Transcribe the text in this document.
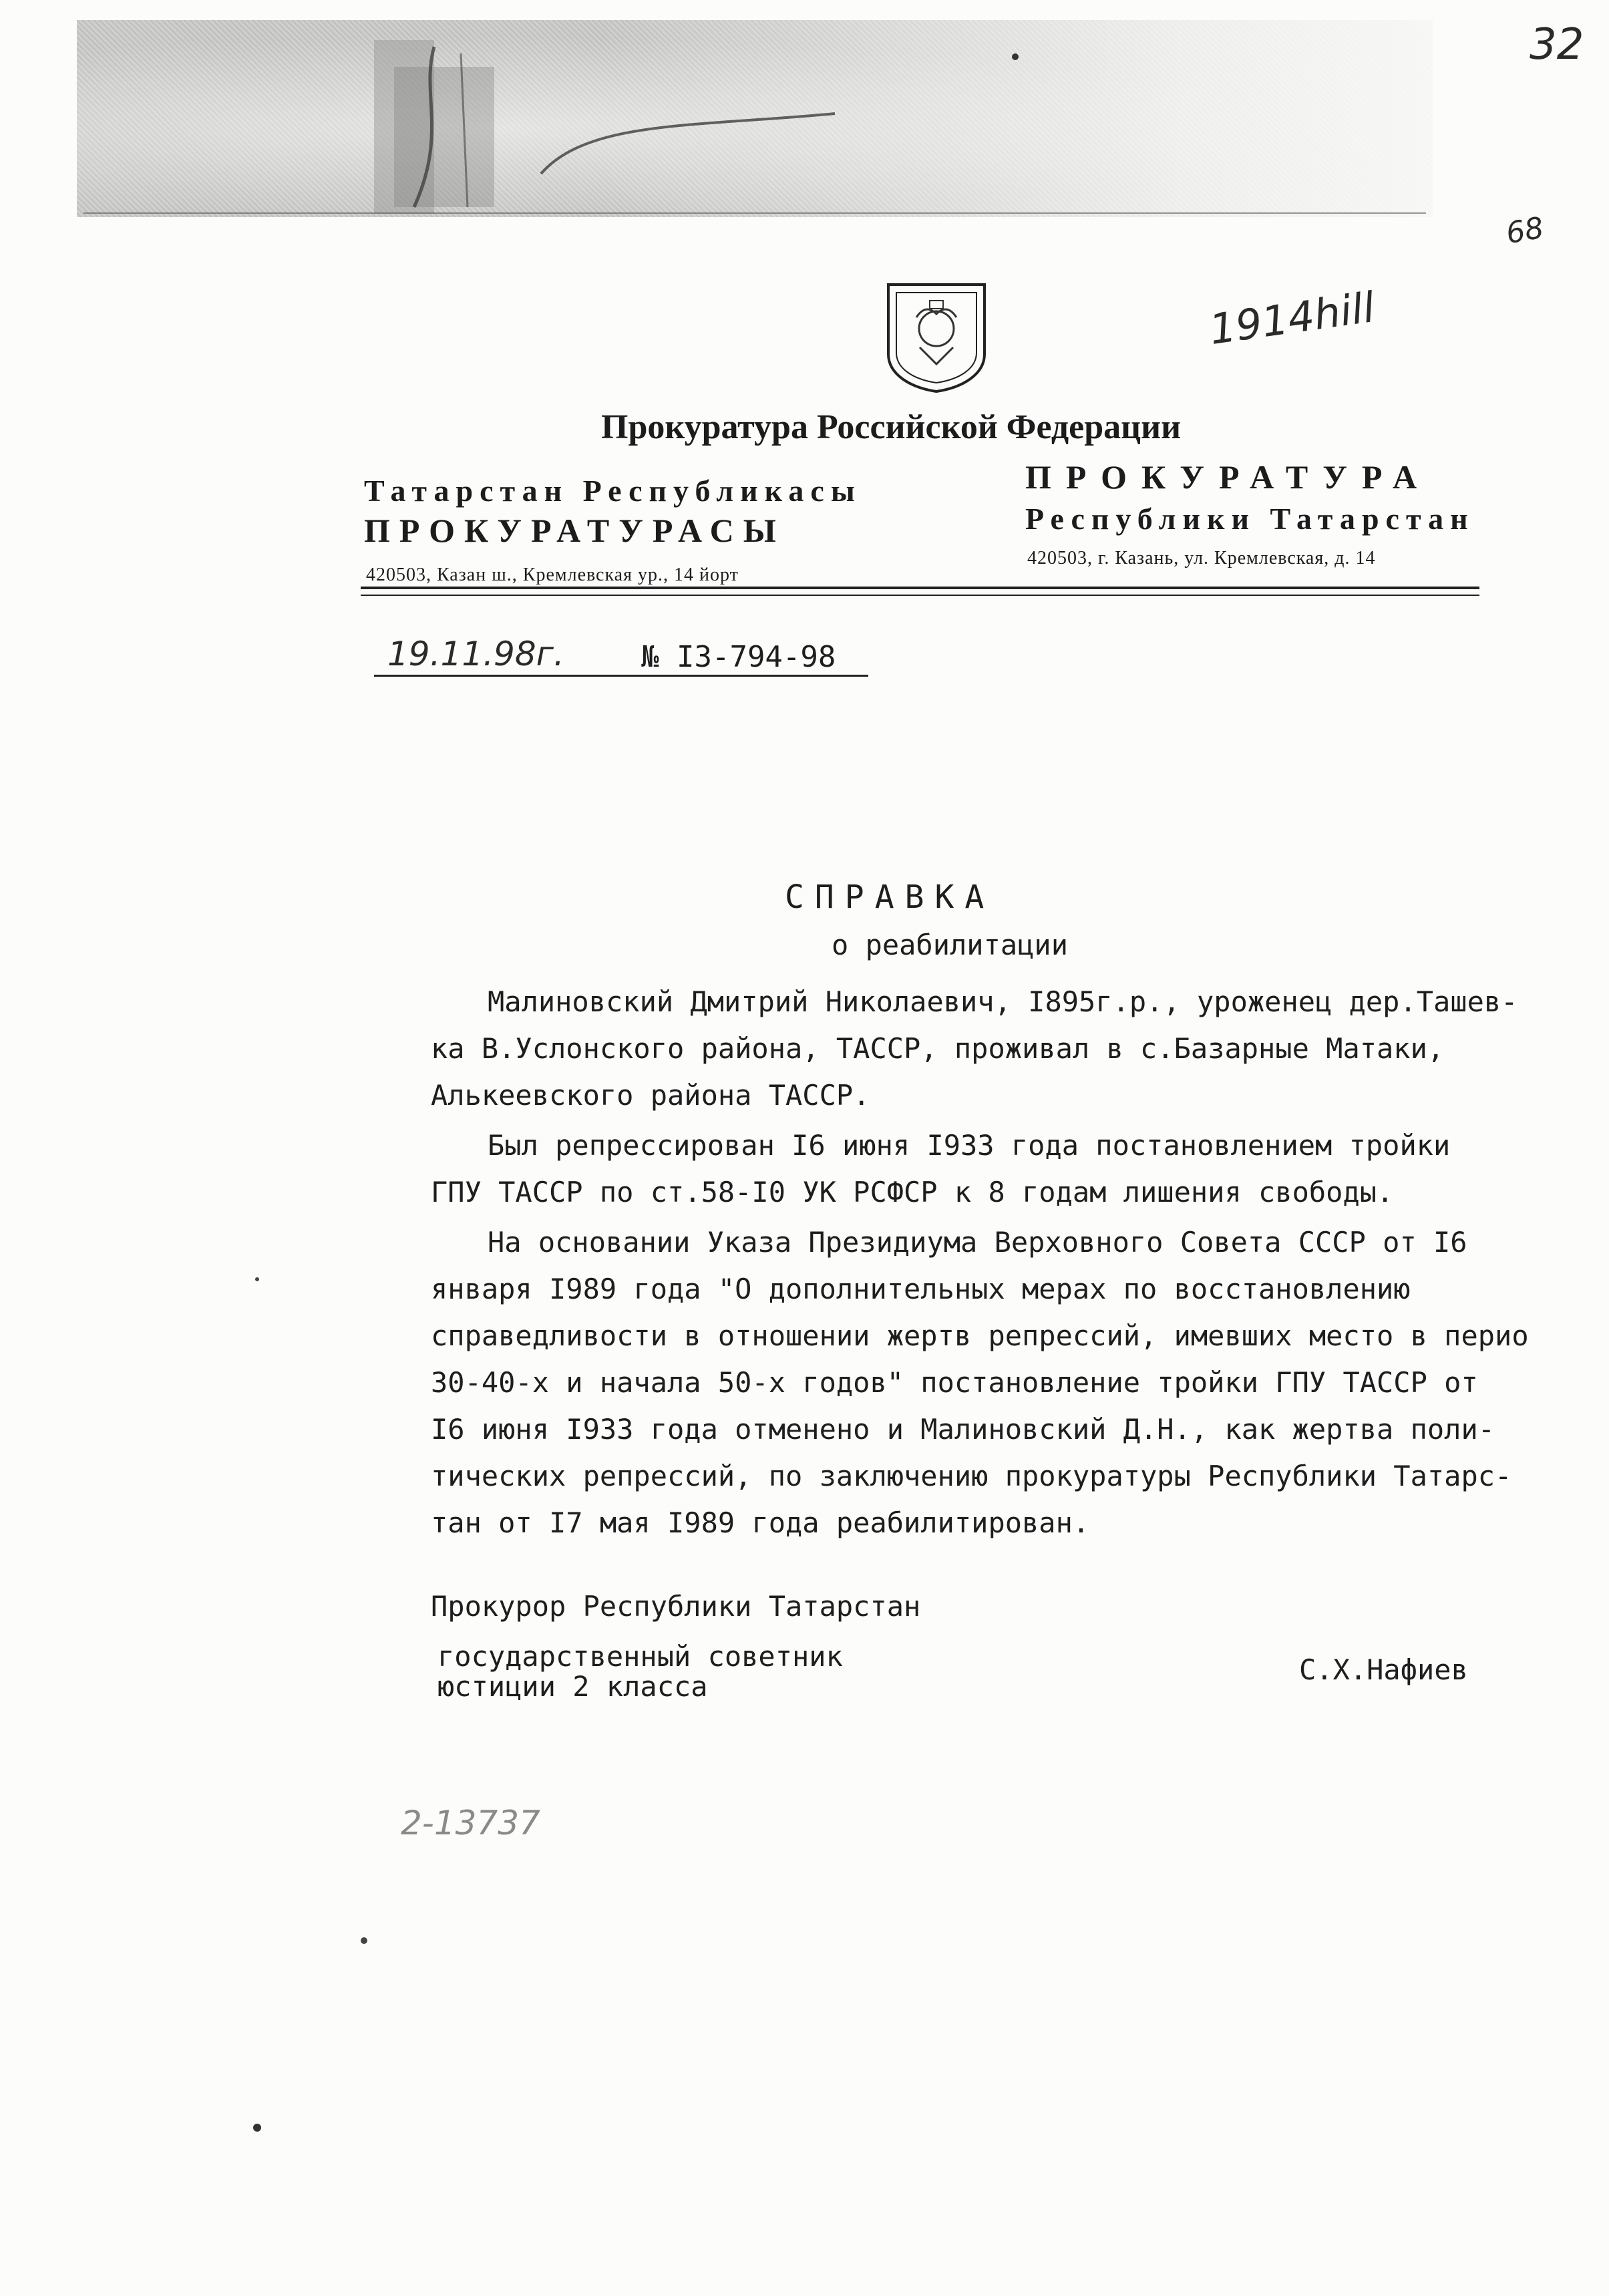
32
68
1914hill
Прокуратура Российской Федерации
Татарстан Республикасы
ПРОКУРАТУРАСЫ
420503, Казан ш., Кремлевская ур., 14 йорт
ПРОКУРАТУРА
Республики Татарстан
420503, г. Казань, ул. Кремлевская, д. 14
19.11.98г.	№ I3-794-98
СПРАВКА
о реабилитации
Малиновский Дмитрий Николаевич, I895г.р., уроженец дер.Ташев-
ка В.Услонского района, ТАССР, проживал в с.Базарные Матаки,
Алькеевского района ТАССР.
Был репрессирован I6 июня I933 года постановлением тройки
ГПУ ТАССР по ст.58-I0 УК РСФСР к 8 годам лишения свободы.
На основании Указа Президиума Верховного Совета СССР от I6
января I989 года "О дополнительных мерах по восстановлению
справедливости в отношении жертв репрессий, имевших место в перио
30-40-х и начала 50-х годов" постановление тройки ГПУ ТАССР от
I6 июня I933 года отменено и Малиновский Д.Н., как жертва поли-
тических репрессий, по заключению прокуратуры Республики Татарс-
тан от I7 мая I989 года реабилитирован.
Прокурор Республики Татарстан
государственный советник
юстиции 2 класса
С.Х.Нафиев
2-13737
